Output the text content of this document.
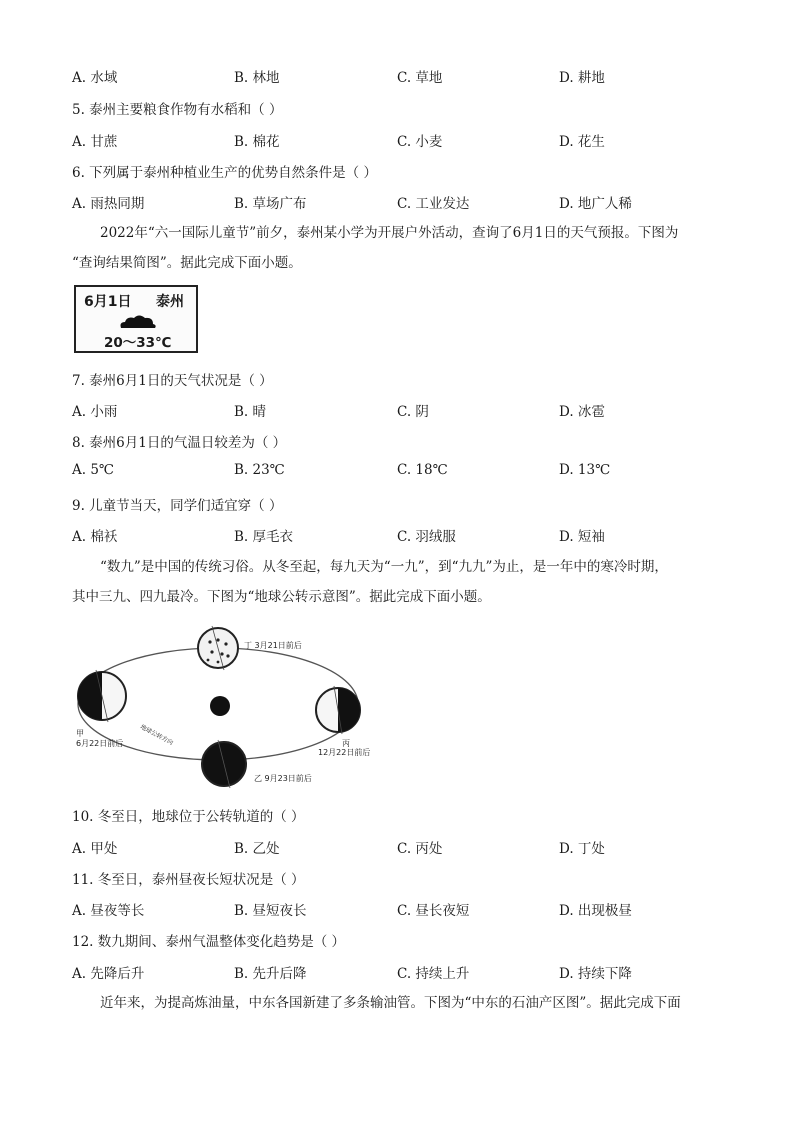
A. 水域	B. 林地	C. 草地	D. 耕地
5. 泰州主要粮食作物有水稻和（ ）
A. 甘蔗	B. 棉花	C. 小麦	D. 花生
6. 下列属于泰州种植业生产的优势自然条件是（ ）
A. 雨热同期	B. 草场广布	C. 工业发达	D. 地广人稀
2022年“六一国际儿童节”前夕，泰州某小学为开展户外活动，查询了6月1日的天气预报。下图为
“查询结果简图”。据此完成下面小题。
6月1日 泰州
20～33℃
7. 泰州6月1日的天气状况是（ ）
A. 小雨	B. 晴	C. 阴	D. 冰雹
8. 泰州6月1日的气温日较差为（ ）
A. 5℃	B. 23℃	C. 18℃	D. 13℃
9. 儿童节当天，同学们适宜穿（ ）
A. 棉袄	B. 厚毛衣	C. 羽绒服	D. 短袖
“数九”是中国的传统习俗。从冬至起，每九天为“一九”，到“九九”为止，是一年中的寒冷时期，
其中三九、四九最冷。下图为“地球公转示意图”。据此完成下面小题。
地球公转方向
丁 3月21日前后
甲
6月22日前后	丙
12月22日前后
乙 9月23日前后
10. 冬至日，地球位于公转轨道的（ ）
A. 甲处	B. 乙处	C. 丙处	D. 丁处
11. 冬至日，泰州昼夜长短状况是（ ）
A. 昼夜等长	B. 昼短夜长	C. 昼长夜短	D. 出现极昼
12. 数九期间、泰州气温整体变化趋势是（ ）
A. 先降后升	B. 先升后降	C. 持续上升	D. 持续下降
近年来，为提高炼油量，中东各国新建了多条输油管。下图为“中东的石油产区图”。据此完成下面
